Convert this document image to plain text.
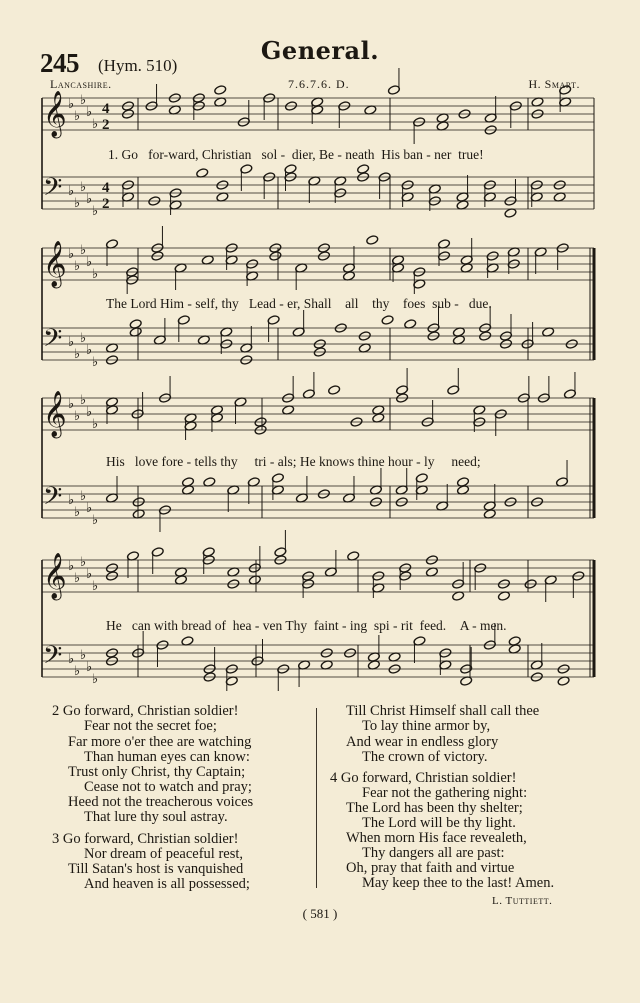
245 (Hym. 510)
General.
Lancashire.	7.6.7.6. D.	H. Smart.
𝄞 ♭
♭
♭
♭
♭
4
2
𝄢 ♭
♭
♭
♭
♭
4
2
𝄞 ♭
♭
♭
♭
♭
𝄢 ♭
♭
♭
♭
♭
𝄞 ♭
♭
♭
♭
♭
𝄢 ♭
♭
♭
♭
♭
𝄞 ♭
♭
♭
♭
♭
𝄢 ♭
♭
♭
♭
♭
1. Go for-ward, Christian sol - dier, Be - neath His ban - ner true!
The Lord Him - self, thy Lead - er, Shall all thy foes sub - due.
His love fore - tells thy tri - als; He knows thine hour - ly need;
He can with bread of hea - ven Thy faint - ing spi - rit feed. A - men.
2 Go forward, Christian soldier!
Fear not the secret foe;
Far more o'er thee are watching
Than human eyes can know:
Trust only Christ, thy Captain;
Cease not to watch and pray;
Heed not the treacherous voices
That lure thy soul astray.
3 Go forward, Christian soldier!
Nor dream of peaceful rest,
Till Satan's host is vanquished
And heaven is all possessed;
Till Christ Himself shall call thee
To lay thine armor by,
And wear in endless glory
The crown of victory.
4 Go forward, Christian soldier!
Fear not the gathering night:
The Lord has been thy shelter;
The Lord will be thy light.
When morn His face revealeth,
Thy dangers all are past:
Oh, pray that faith and virtue
May keep thee to the last! Amen.
L. Tuttiett.
( 581 )
